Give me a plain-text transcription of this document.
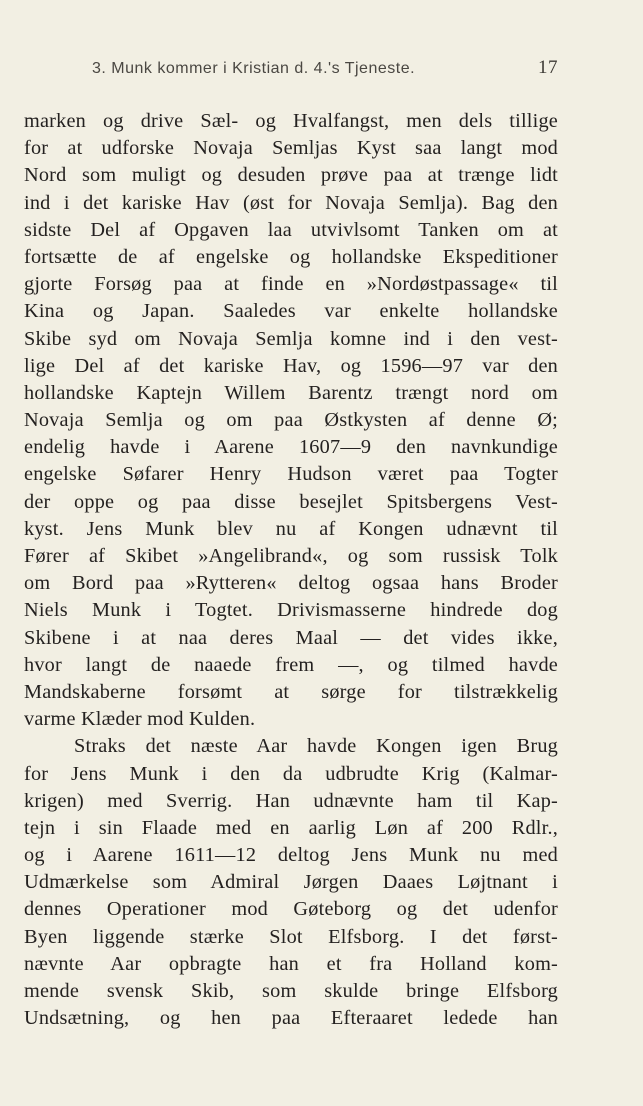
3. Munk kommer i Kristian d. 4.'s Tjeneste.	17
marken og drive Sæl- og Hvalfangst, men dels tillige
for at udforske Novaja Semljas Kyst saa langt mod
Nord som muligt og desuden prøve paa at trænge lidt
ind i det kariske Hav (øst for Novaja Semlja). Bag den
sidste Del af Opgaven laa utvivlsomt Tanken om at
fortsætte de af engelske og hollandske Ekspeditioner
gjorte Forsøg paa at finde en »Nordøstpassage« til
Kina og Japan. Saaledes var enkelte hollandske
Skibe syd om Novaja Semlja komne ind i den vest-
lige Del af det kariske Hav, og 1596—97 var den
hollandske Kaptejn Willem Barentz trængt nord om
Novaja Semlja og om paa Østkysten af denne Ø;
endelig havde i Aarene 1607—9 den navnkundige
engelske Søfarer Henry Hudson været paa Togter
der oppe og paa disse besejlet Spitsbergens Vest-
kyst. Jens Munk blev nu af Kongen udnævnt til
Fører af Skibet »Angelibrand«, og som russisk Tolk
om Bord paa »Rytteren« deltog ogsaa hans Broder
Niels Munk i Togtet. Drivismasserne hindrede dog
Skibene i at naa deres Maal — det vides ikke,
hvor langt de naaede frem —, og tilmed havde
Mandskaberne forsømt at sørge for tilstrækkelig
varme Klæder mod Kulden.
Straks det næste Aar havde Kongen igen Brug
for Jens Munk i den da udbrudte Krig (Kalmar-
krigen) med Sverrig. Han udnævnte ham til Kap-
tejn i sin Flaade med en aarlig Løn af 200 Rdlr.,
og i Aarene 1611—12 deltog Jens Munk nu med
Udmærkelse som Admiral Jørgen Daaes Løjtnant i
dennes Operationer mod Gøteborg og det udenfor
Byen liggende stærke Slot Elfsborg. I det først-
nævnte Aar opbragte han et fra Holland kom-
mende svensk Skib, som skulde bringe Elfsborg
Undsætning, og hen paa Efteraaret ledede han
